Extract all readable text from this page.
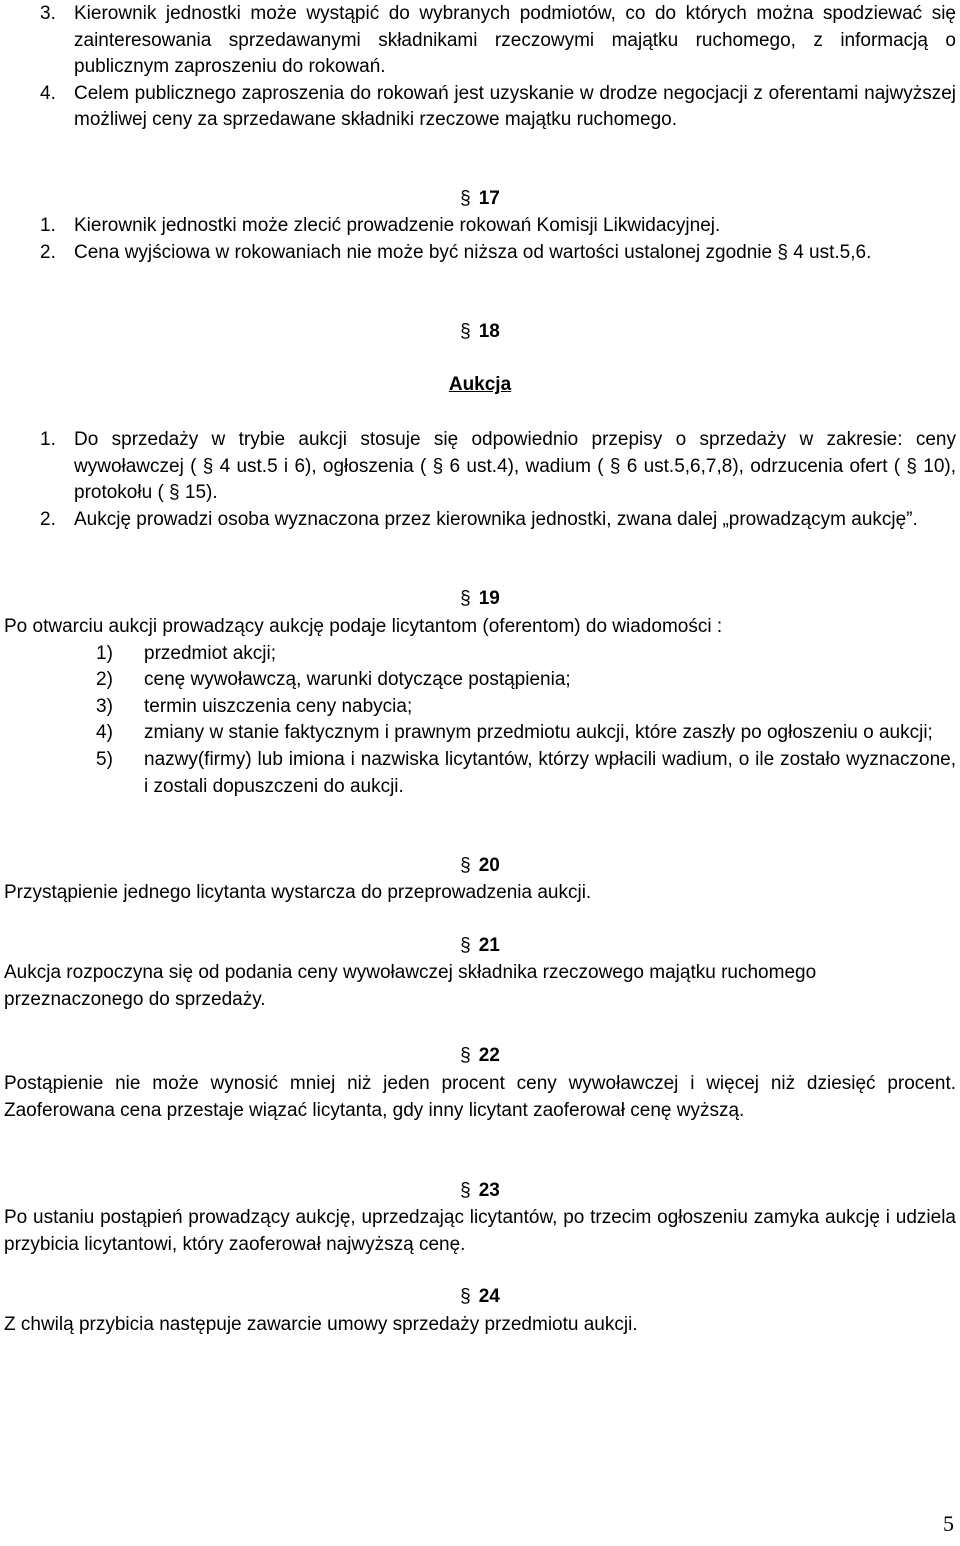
3. Kierownik jednostki może wystąpić do wybranych podmiotów, co do których można spodziewać się zainteresowania sprzedawanymi składnikami rzeczowymi majątku ruchomego, z informacją o publicznym zaproszeniu do rokowań.

4. Celem publicznego zaproszenia do rokowań jest uzyskanie w drodze negocjacji z oferentami najwyższej możliwej ceny za sprzedawane składniki rzeczowe majątku ruchomego.

§ 17
1. Kierownik jednostki może zlecić prowadzenie rokowań Komisji Likwidacyjnej.

2. Cena wyjściowa w rokowaniach nie może być niższa od wartości ustalonej zgodnie § 4 ust.5,6.

§ 18
Aukcja
1. Do sprzedaży w trybie aukcji stosuje się odpowiednio przepisy o sprzedaży w zakresie: ceny wywoławczej ( § 4 ust.5 i 6), ogłoszenia ( § 6 ust.4), wadium ( § 6 ust.5,6,7,8), odrzucenia ofert ( § 10), protokołu ( § 15).

2. Aukcję prowadzi osoba wyznaczona przez kierownika jednostki, zwana dalej „prowadzącym aukcję”.

§ 19

Po otwarciu aukcji prowadzący aukcję podaje licytantom (oferentom) do wiadomości :

1)	przedmiot akcji;

2)	cenę wywoławczą, warunki dotyczące postąpienia;

3)	termin uiszczenia ceny nabycia;

4)	zmiany w stanie faktycznym i prawnym przedmiotu aukcji, które zaszły po ogłoszeniu o aukcji;

5)	nazwy(firmy) lub imiona i nazwiska licytantów, którzy wpłacili wadium, o ile zostało wyznaczone, i zostali dopuszczeni do aukcji.

§ 20

Przystąpienie jednego licytanta wystarcza do przeprowadzenia aukcji.

§ 21

Aukcja rozpoczyna się od podania ceny wywoławczej składnika rzeczowego majątku ruchomego przeznaczonego do sprzedaży.

§ 22

Postąpienie nie może wynosić mniej niż jeden procent ceny wywoławczej i więcej niż dziesięć procent. Zaoferowana cena przestaje wiązać licytanta, gdy inny licytant zaoferował cenę wyższą.

§ 23

Po ustaniu postąpień prowadzący aukcję, uprzedzając licytantów, po trzecim ogłoszeniu zamyka aukcję i udziela przybicia licytantowi, który zaoferował najwyższą cenę.

§ 24

Z chwilą przybicia następuje zawarcie umowy sprzedaży przedmiotu aukcji.

5
